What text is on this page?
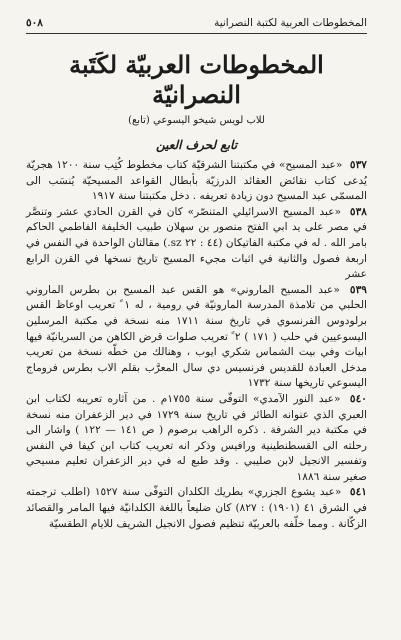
المخطوطات العربية لكتبة النصرانية
٥٠٨
المخطوطات العربيّة لكَتَبة النصرانيّة
للاب لويس شيخو اليسوعي (تابع)
تابع لحرف العين

٥٣٧ «عبد المسيح» في مكتبتنا الشرقيّة كتاب مخطوط كُتِب سنة ١٢٠٠ هجريّة يُدعى كتاب نقائض العقائد الدرزيّة بأبطال القواعد المسيحيّة يُنسَب الى المسمّى عبد المسيح دون زيادة تعريفه . دخل مكتبتنا سنة ١٩١٧

٥٣٨ «عبد المسيح الاسرائيلي المتنصّر» كان في القرن الحادي عشر وتنصَّر في مصر على يد ابي الفتح منصور بن سهلان طبيب الخليفة الفاطمي الحاكم بامر الله . له في مكتبة الفاتيكان (٤٤ : ٢٢ sz.) مقالتان الواحدة في النفس في اربعة فصول والثانية في اثبات مجيء المسيح تاريخ نسخها في القرن الرابع عشر

٥٣٩ «عبد المسيح الماروني» هو القس عبد المسيح بن بطرس الماروني الحلبي من تلامذة المدرسة المارونيّة في رومية ، له ١ ً تعريب اوعاظ القس برلودوس الفرنسوي في تاريخ سنة ١٧١١ منه نسخة في مكتبة المرسلين اليسوعيين في حلب ( ١٧١ ) ٢ ً تعريب صلوات قرض الكاهن من السريانيّة فيها ابيات وفي بيت الشماس شكري ايوب ، وهنالك من خطّه نسخة من تعريب مدخل العبادة للقديس فرنسيس دي سال المعرَّب بقلم الاب بطرس فروماج اليسوعي تاريخها سنة ١٧٣٢

٥٤٠ «عبد النور الآمدي» التوفّى سنة ١٧٥٥م . من آثاره تعريبه لكتاب ابن العبري الذي عنوانه الطائر في تاريخ سنة ١٧٢٩ في دير الزعفران منه نسخة في مكتبة دير الشرفة . ذكره الراهب برصوم ( ص ١٤١ — ١٢٢ ) واشار الى رحلته الى القسطنطينية ورافيس وذكر انه تعريب كتاب ابن كيفا في النفس وتفسير الانجيل لابن صليبي . وقد طبع له في دير الزعفران تعليم مسيحي صغير سنة ١٨٨٦

٥٤١ «عبد يشوع الجزري» بطريك الكلدان التوفّى سنة ١٥٢٧ (اطلب ترجمته في الشرق ٤١ (١٩٠١) : ٨٢٧) كان ضليعاً باللغة الكلدانيّة فيها المامر والقصائد الزكّانة . ومما خلّفه بالعربيّة تنظيم فصول الانجيل الشريف للايام الطقسيّة
